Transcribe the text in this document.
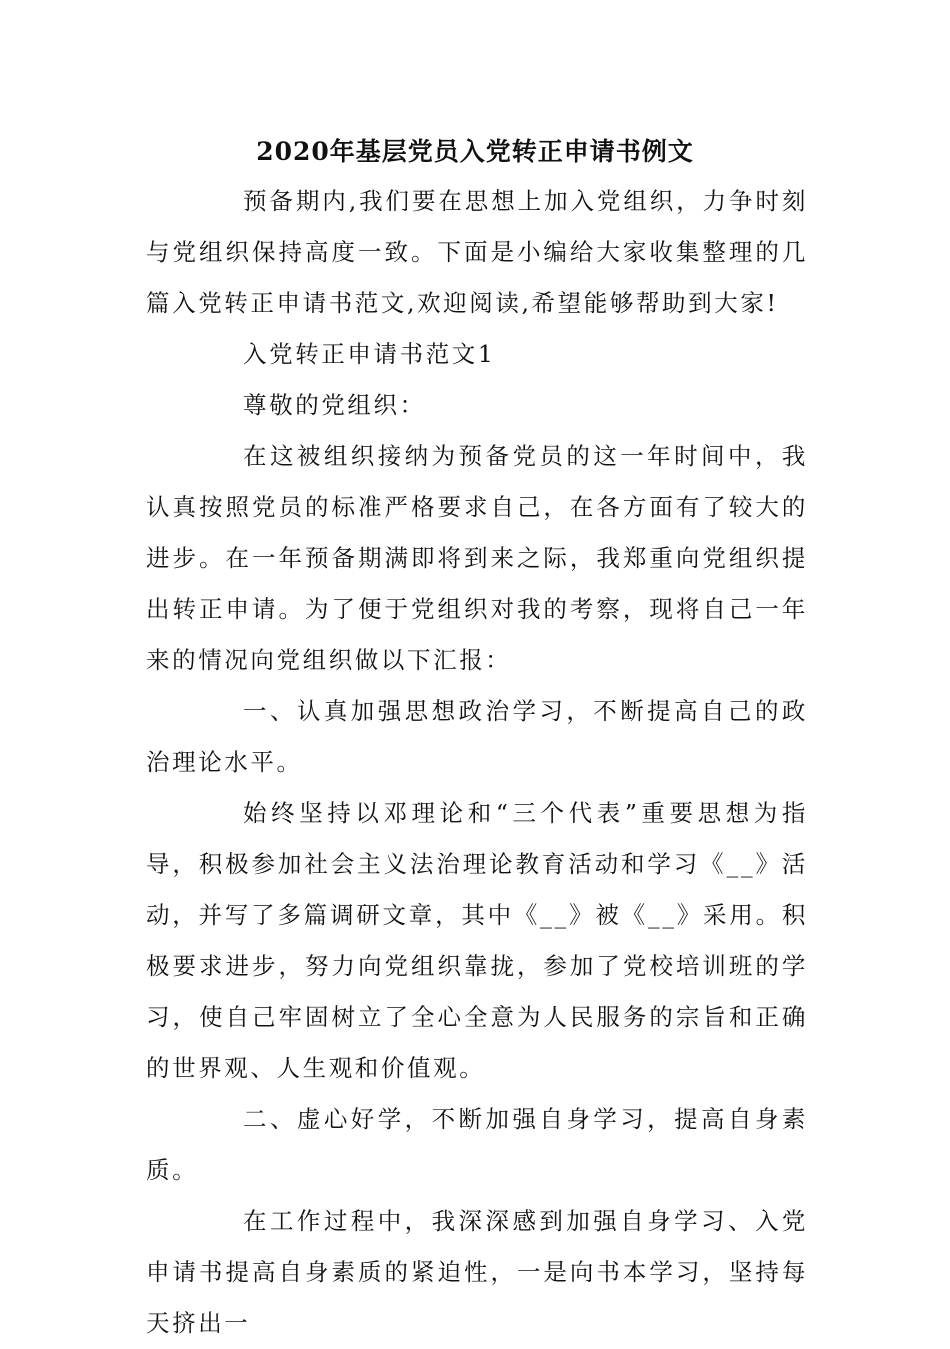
2020年基层党员入党转正申请书例文

预备期内,我们要在思想上加入党组织，力争时刻与党组织保持高度一致。下面是小编给大家收集整理的几篇入党转正申请书范文,欢迎阅读,希望能够帮助到大家!

入党转正申请书范文1

尊敬的党组织：

在这被组织接纳为预备党员的这一年时间中，我认真按照党员的标准严格要求自己，在各方面有了较大的进步。在一年预备期满即将到来之际，我郑重向党组织提出转正申请。为了便于党组织对我的考察，现将自己一年来的情况向党组织做以下汇报：

一、认真加强思想政治学习，不断提高自己的政治理论水平。

始终坚持以邓理论和“三个代表”重要思想为指导，积极参加社会主义法治理论教育活动和学习《__》活动，并写了多篇调研文章，其中《__》被《__》采用。积极要求进步，努力向党组织靠拢，参加了党校培训班的学习，使自己牢固树立了全心全意为人民服务的宗旨和正确的世界观、人生观和价值观。

二、虚心好学，不断加强自身学习，提高自身素质。

在工作过程中，我深深感到加强自身学习、入党申请书提高自身素质的紧迫性，一是向书本学习，坚持每天挤出一
